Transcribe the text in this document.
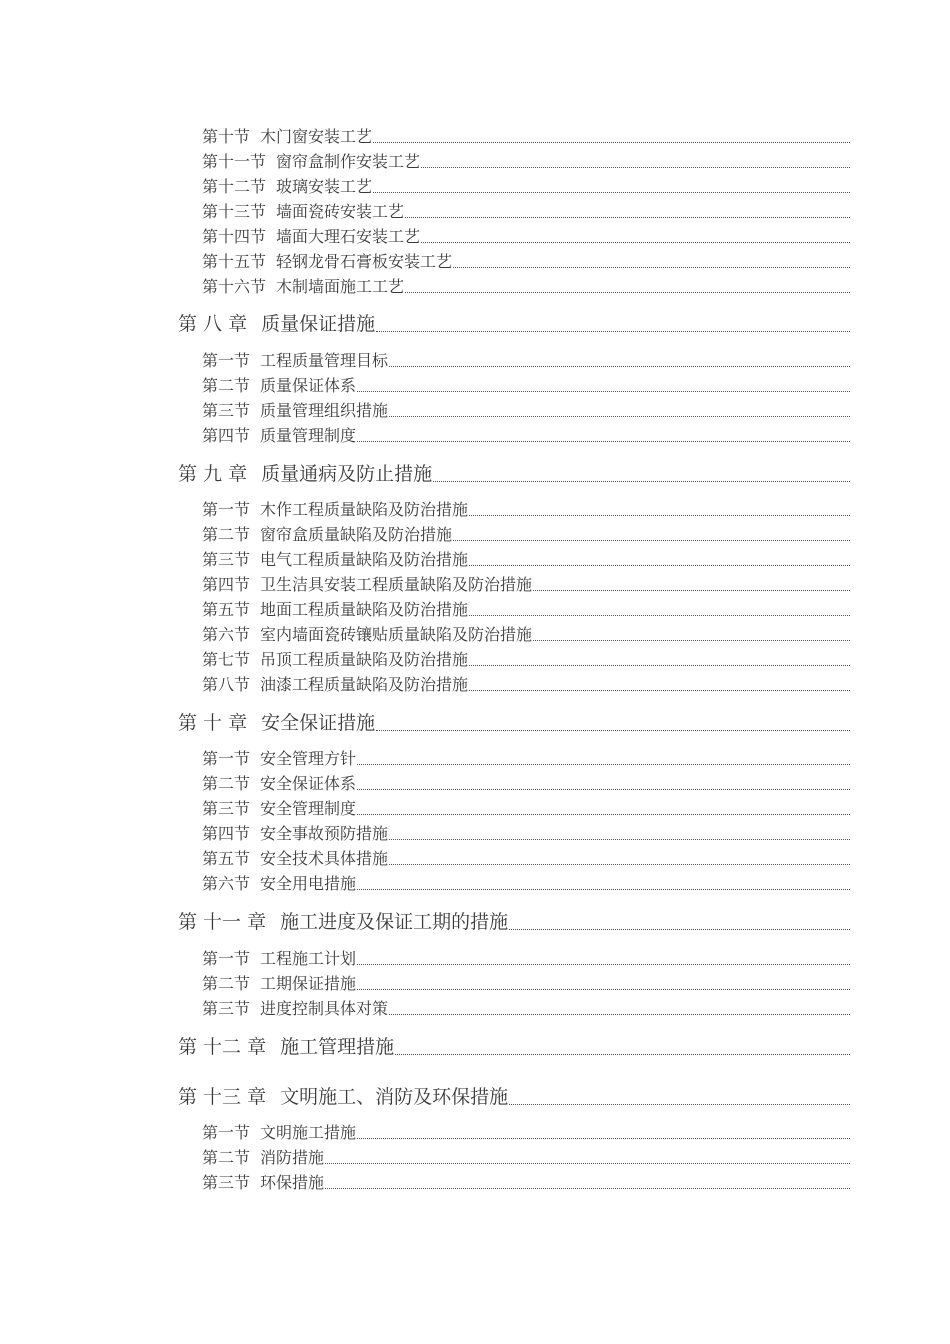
第十节 木门窗安装工艺
第十一节 窗帘盒制作安装工艺
第十二节 玻璃安装工艺
第十三节 墙面瓷砖安装工艺
第十四节 墙面大理石安装工艺
第十五节 轻钢龙骨石膏板安装工艺
第十六节 木制墙面施工工艺
第 八 章 质量保证措施
第一节 工程质量管理目标
第二节 质量保证体系
第三节 质量管理组织措施
第四节 质量管理制度
第 九 章 质量通病及防止措施
第一节 木作工程质量缺陷及防治措施
第二节 窗帘盒质量缺陷及防治措施
第三节 电气工程质量缺陷及防治措施
第四节 卫生洁具安装工程质量缺陷及防治措施
第五节 地面工程质量缺陷及防治措施
第六节 室内墙面瓷砖镶贴质量缺陷及防治措施
第七节 吊顶工程质量缺陷及防治措施
第八节 油漆工程质量缺陷及防治措施
第 十 章 安全保证措施
第一节 安全管理方针
第二节 安全保证体系
第三节 安全管理制度
第四节 安全事故预防措施
第五节 安全技术具体措施
第六节 安全用电措施
第 十一 章 施工进度及保证工期的措施
第一节 工程施工计划
第二节 工期保证措施
第三节 进度控制具体对策
第 十二 章 施工管理措施
第 十三 章 文明施工、消防及环保措施
第一节 文明施工措施
第二节 消防措施
第三节 环保措施
